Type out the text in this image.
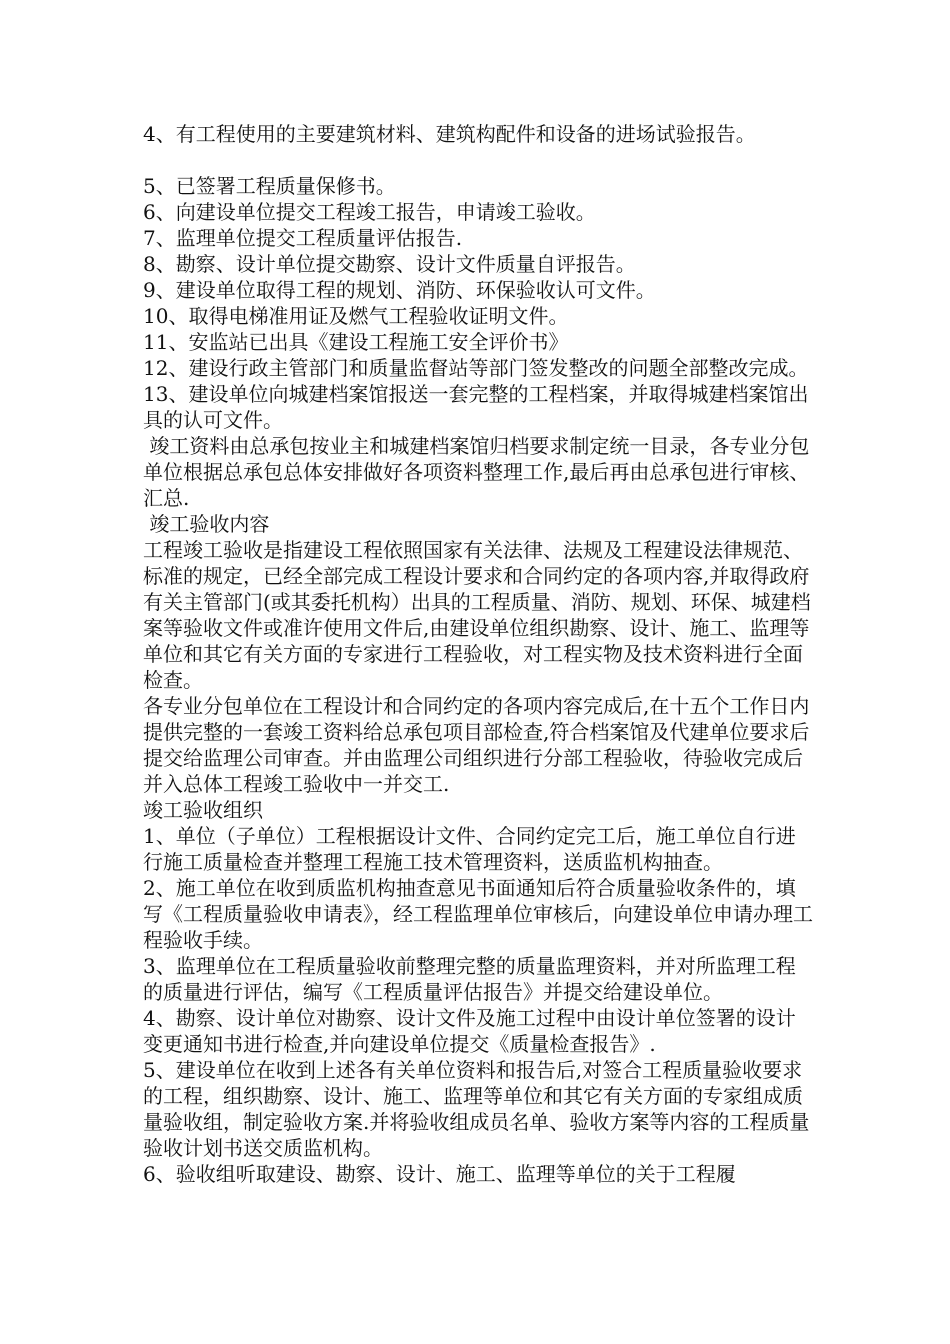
4、有工程使用的主要建筑材料、建筑构配件和设备的进场试验报告。

5、已签署工程质量保修书。

6、向建设单位提交工程竣工报告，申请竣工验收。

7、监理单位提交工程质量评估报告.

8、勘察、设计单位提交勘察、设计文件质量自评报告。

9、建设单位取得工程的规划、消防、环保验收认可文件。

10、取得电梯准用证及燃气工程验收证明文件。

11、安监站已出具《建设工程施工安全评价书》

12、建设行政主管部门和质量监督站等部门签发整改的问题全部整改完成。

13、建设单位向城建档案馆报送一套完整的工程档案，并取得城建档案馆出具的认可文件。

竣工资料由总承包按业主和城建档案馆归档要求制定统一目录，各专业分包单位根据总承包总体安排做好各项资料整理工作,最后再由总承包进行审核、汇总.

竣工验收内容

工程竣工验收是指建设工程依照国家有关法律、法规及工程建设法律规范、标准的规定，已经全部完成工程设计要求和合同约定的各项内容,并取得政府有关主管部门(或其委托机构）出具的工程质量、消防、规划、环保、城建档案等验收文件或准许使用文件后,由建设单位组织勘察、设计、施工、监理等单位和其它有关方面的专家进行工程验收，对工程实物及技术资料进行全面检查。

各专业分包单位在工程设计和合同约定的各项内容完成后,在十五个工作日内提供完整的一套竣工资料给总承包项目部检查,符合档案馆及代建单位要求后提交给监理公司审查。并由监理公司组织进行分部工程验收，待验收完成后并入总体工程竣工验收中一并交工.

竣工验收组织

1、单位（子单位）工程根据设计文件、合同约定完工后，施工单位自行进行施工质量检查并整理工程施工技术管理资料，送质监机构抽查。

2、施工单位在收到质监机构抽查意见书面通知后符合质量验收条件的，填写《工程质量验收申请表》，经工程监理单位审核后，向建设单位申请办理工程验收手续。

3、监理单位在工程质量验收前整理完整的质量监理资料，并对所监理工程的质量进行评估，编写《工程质量评估报告》并提交给建设单位。

4、勘察、设计单位对勘察、设计文件及施工过程中由设计单位签署的设计变更通知书进行检查,并向建设单位提交《质量检查报告》.

5、建设单位在收到上述各有关单位资料和报告后,对签合工程质量验收要求的工程，组织勘察、设计、施工、监理等单位和其它有关方面的专家组成质量验收组，制定验收方案.并将验收组成员名单、验收方案等内容的工程质量验收计划书送交质监机构。

6、验收组听取建设、勘察、设计、施工、监理等单位的关于工程履
